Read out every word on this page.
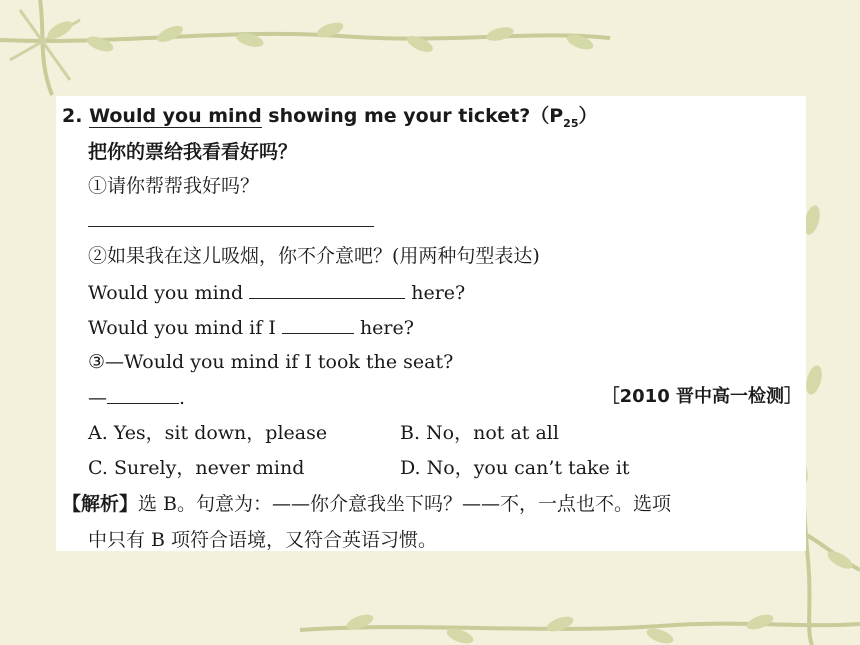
2. Would you mind showing me your $ticket?(P_{25})$
把你的票给我看看好吗？
①请你帮帮我好吗？
②如果我在这儿吸烟，你不介意吧？(用两种句型表达)
Would you mind	here?
Would you mind if I	here?
③—Would you mind if I took the seat?
—	.	［2010 晋中高一检测］
A. Yes，sit down，please	B. No，not at all
C. Surely，never mind	D. No，you can’t take it
【解析】选 B。句意为：——你介意我坐下吗？——不，一点也不。选项
中只有 B 项符合语境，又符合英语习惯。
